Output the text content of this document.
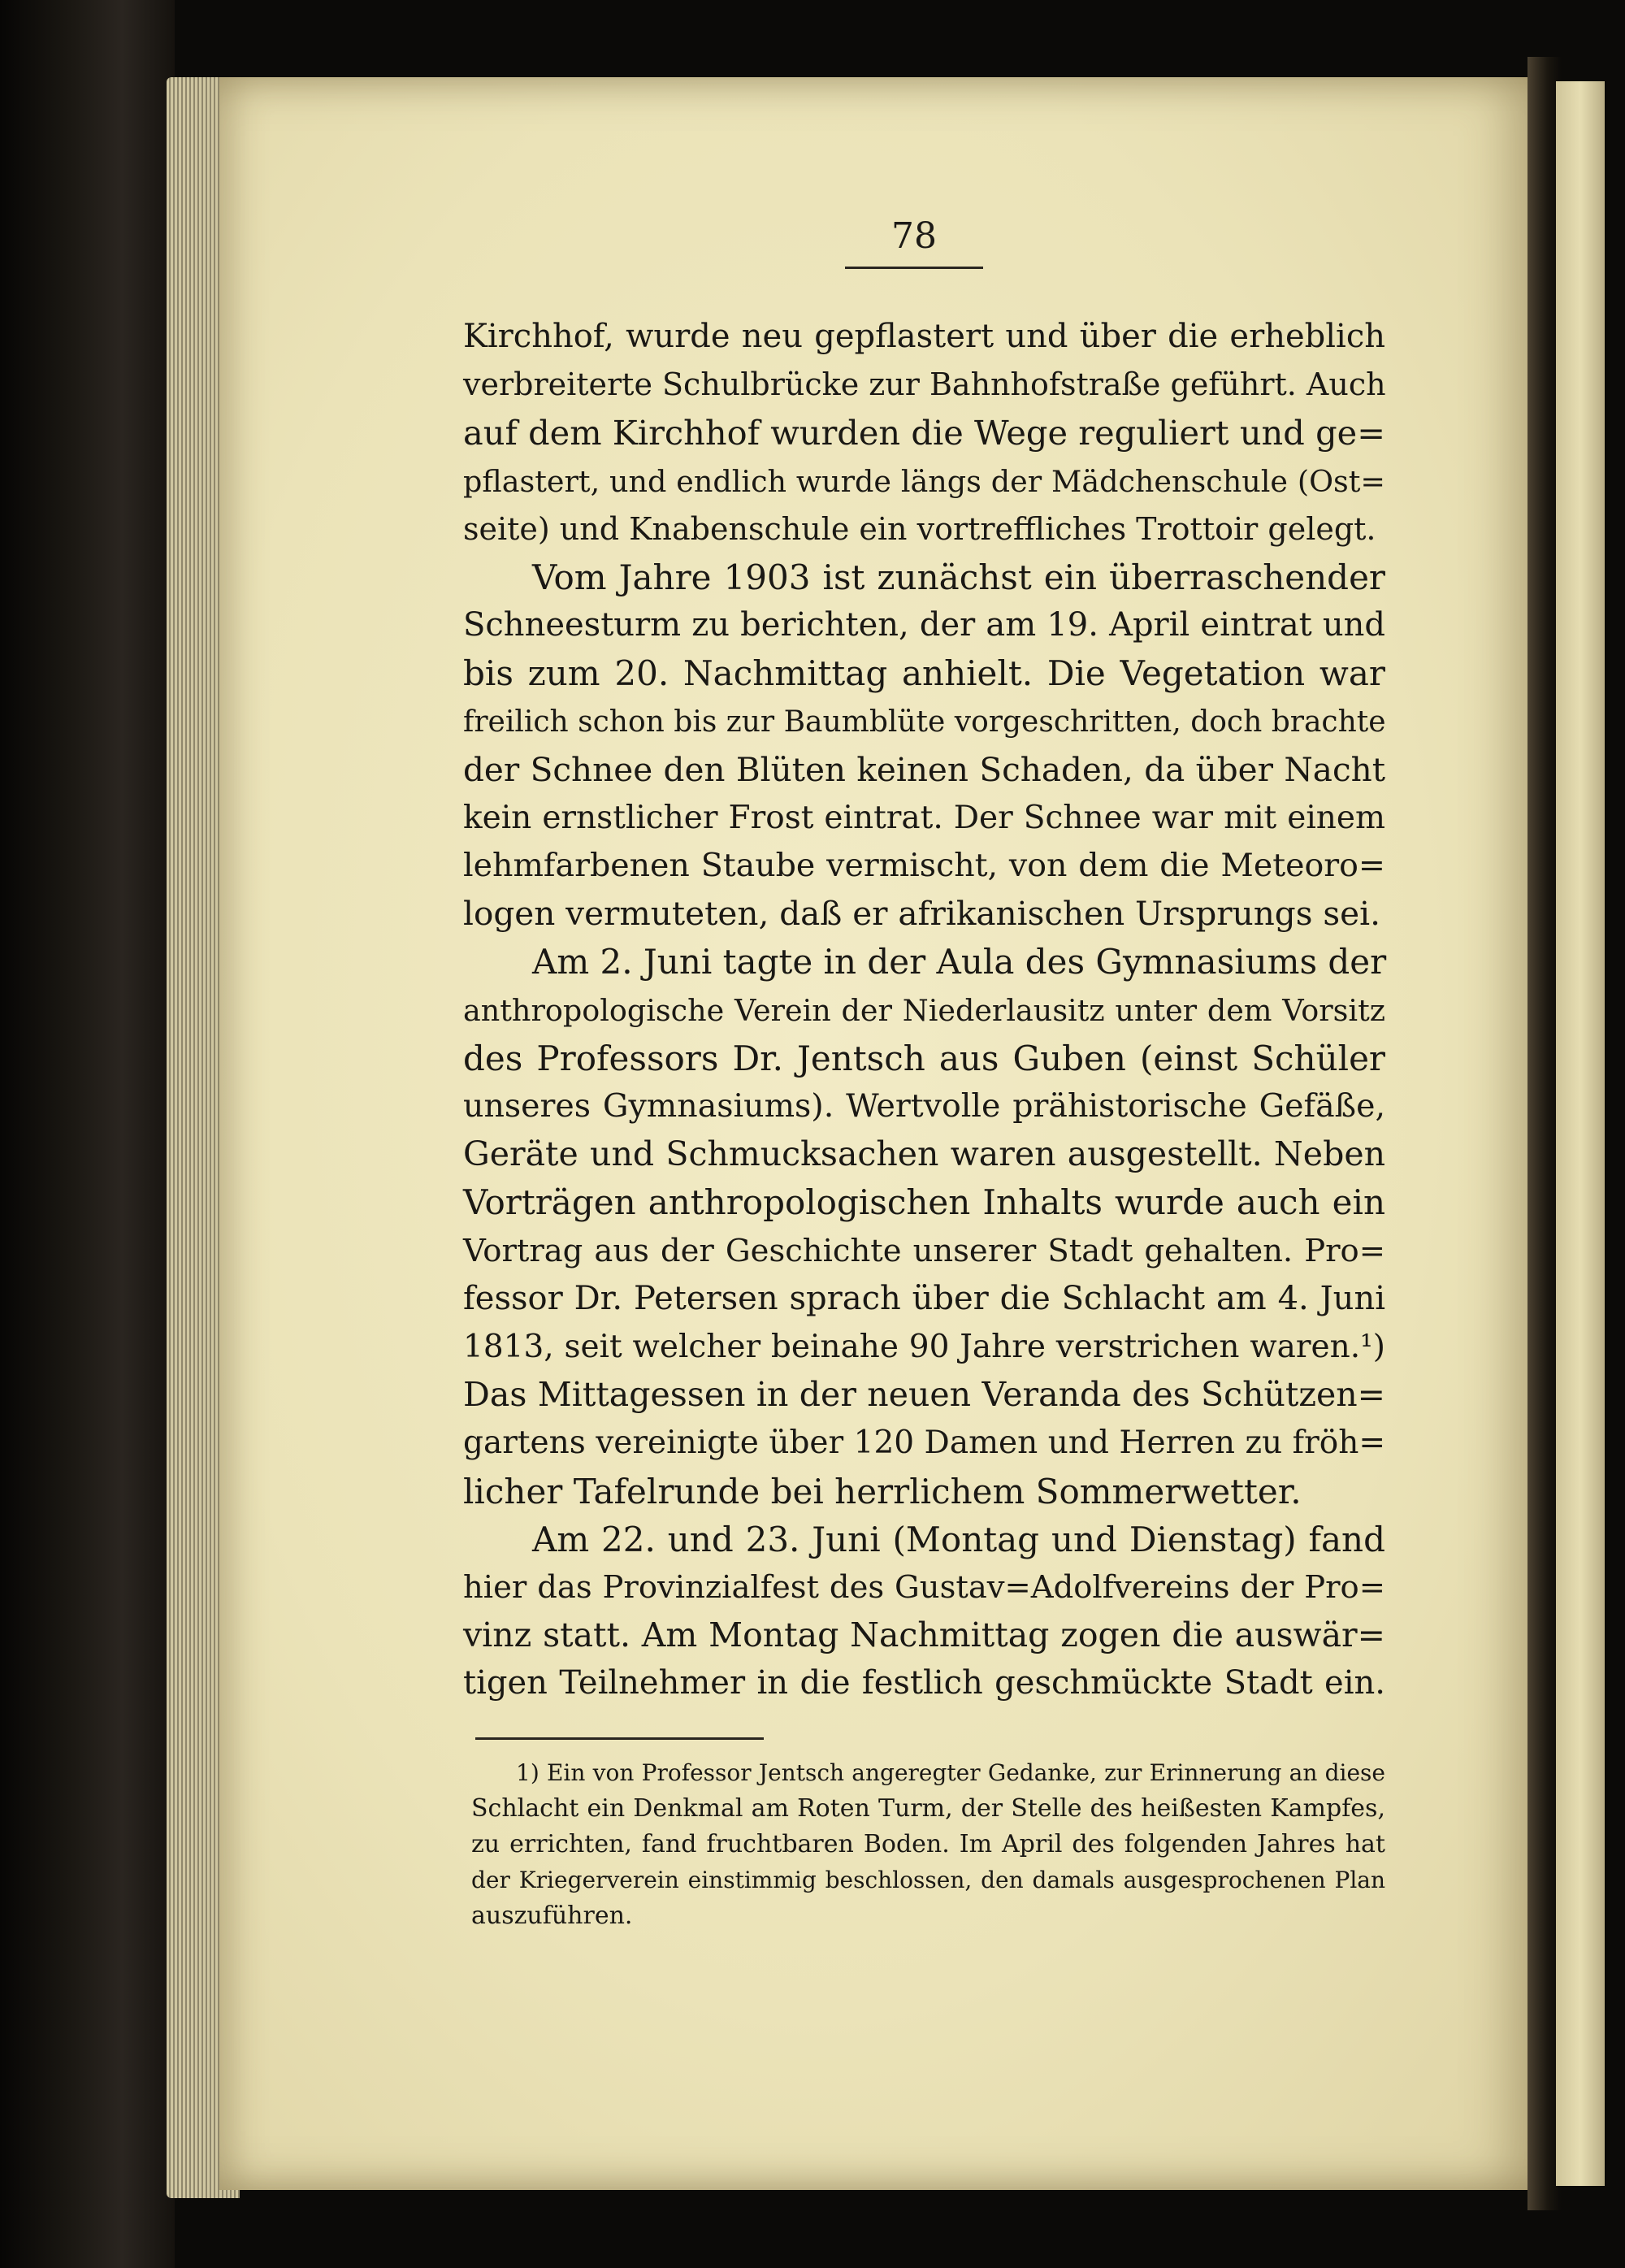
78
Kirchhof, wurde neu gepflastert und über die erheblich
verbreiterte Schulbrücke zur Bahnhofstraße geführt. Auch
auf dem Kirchhof wurden die Wege reguliert und ge=
pflastert, und endlich wurde längs der Mädchenschule (Ost=
seite) und Knabenschule ein vortreffliches Trottoir gelegt.
Vom Jahre 1903 ist zunächst ein überraschender
Schneesturm zu berichten, der am 19. April eintrat und
bis zum 20. Nachmittag anhielt. Die Vegetation war
freilich schon bis zur Baumblüte vorgeschritten, doch brachte
der Schnee den Blüten keinen Schaden, da über Nacht
kein ernstlicher Frost eintrat. Der Schnee war mit einem
lehmfarbenen Staube vermischt, von dem die Meteoro=
logen vermuteten, daß er afrikanischen Ursprungs sei.
Am 2. Juni tagte in der Aula des Gymnasiums der
anthropologische Verein der Niederlausitz unter dem Vorsitz
des Professors Dr. Jentsch aus Guben (einst Schüler
unseres Gymnasiums). Wertvolle prähistorische Gefäße,
Geräte und Schmucksachen waren ausgestellt. Neben
Vorträgen anthropologischen Inhalts wurde auch ein
Vortrag aus der Geschichte unserer Stadt gehalten. Pro=
fessor Dr. Petersen sprach über die Schlacht am 4. Juni
1813, seit welcher beinahe 90 Jahre verstrichen waren.¹)
Das Mittagessen in der neuen Veranda des Schützen=
gartens vereinigte über 120 Damen und Herren zu fröh=
licher Tafelrunde bei herrlichem Sommerwetter.
Am 22. und 23. Juni (Montag und Dienstag) fand
hier das Provinzialfest des Gustav=Adolfvereins der Pro=
vinz statt. Am Montag Nachmittag zogen die auswär=
tigen Teilnehmer in die festlich geschmückte Stadt ein.
1) Ein von Professor Jentsch angeregter Gedanke, zur Erinnerung an diese
Schlacht ein Denkmal am Roten Turm, der Stelle des heißesten Kampfes,
zu errichten, fand fruchtbaren Boden. Im April des folgenden Jahres hat
der Kriegerverein einstimmig beschlossen, den damals ausgesprochenen Plan
auszuführen.
